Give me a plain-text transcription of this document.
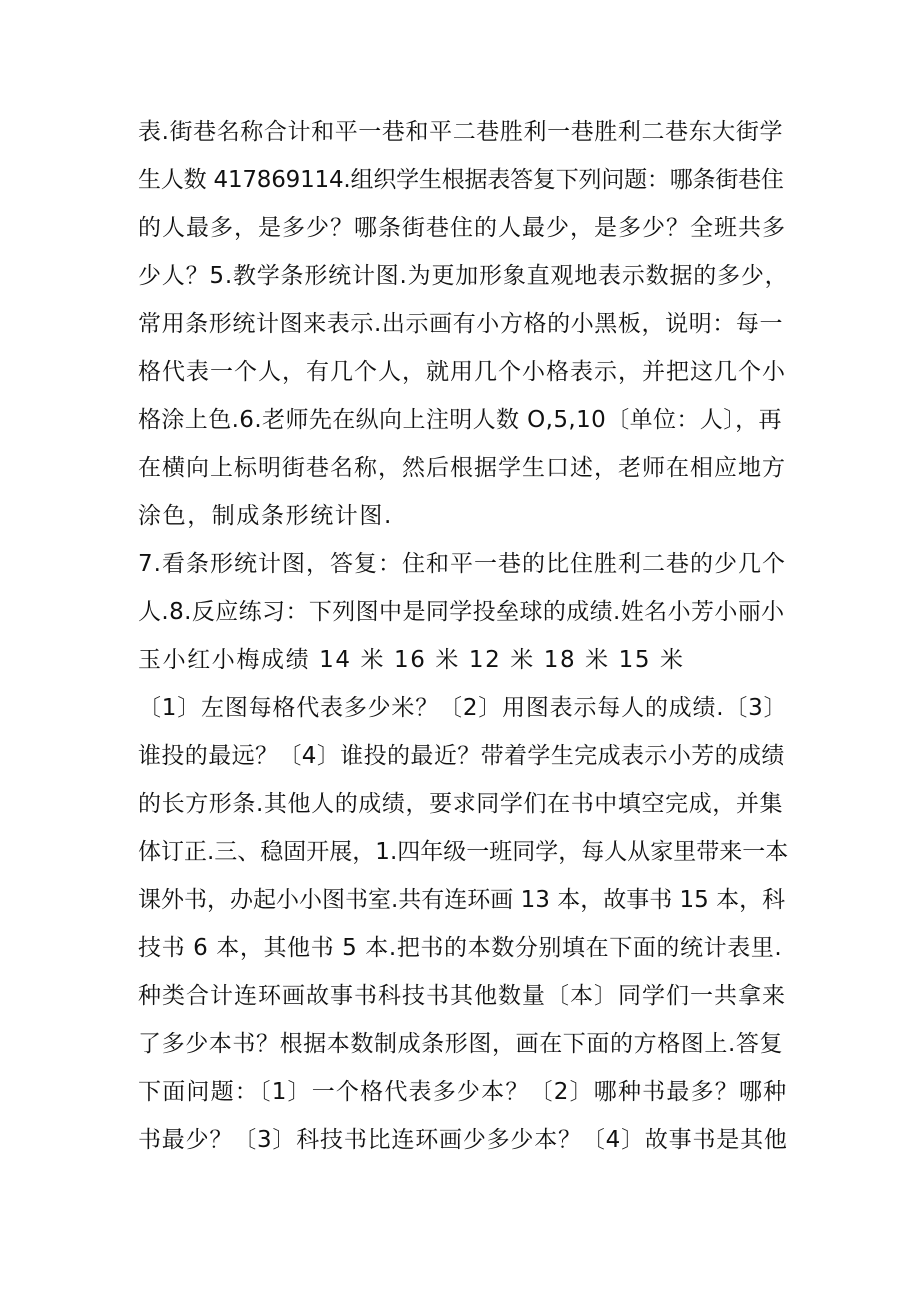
表.街巷名称合计和平一巷和平二巷胜利一巷胜利二巷东大街学
生人数 417869114.组织学生根据表答复下列问题：哪条街巷住
的人最多，是多少？哪条街巷住的人最少，是多少？全班共多
少人？5.教学条形统计图.为更加形象直观地表示数据的多少，
常用条形统计图来表示.出示画有小方格的小黑板，说明：每一
格代表一个人，有几个人，就用几个小格表示，并把这几个小
格涂上色.6.老师先在纵向上注明人数 O,5,10〔单位：人〕，再
在横向上标明街巷名称，然后根据学生口述，老师在相应地方
涂色，制成条形统计图.
7.看条形统计图，答复：住和平一巷的比住胜利二巷的少几个
人.8.反应练习：下列图中是同学投垒球的成绩.姓名小芳小丽小
玉小红小梅成绩 14 米 16 米 12 米 18 米 15 米
〔1〕左图每格代表多少米？〔2〕用图表示每人的成绩.〔3〕
谁投的最远？〔4〕谁投的最近？带着学生完成表示小芳的成绩
的长方形条.其他人的成绩，要求同学们在书中填空完成，并集
体订正.三、稳固开展，1.四年级一班同学，每人从家里带来一本
课外书，办起小小图书室.共有连环画 13 本，故事书 15 本，科
技书 6 本，其他书 5 本.把书的本数分别填在下面的统计表里.
种类合计连环画故事书科技书其他数量〔本〕同学们一共拿来
了多少本书？根据本数制成条形图，画在下面的方格图上.答复
下面问题：〔1〕一个格代表多少本？〔2〕哪种书最多？哪种
书最少？〔3〕科技书比连环画少多少本？〔4〕故事书是其他
